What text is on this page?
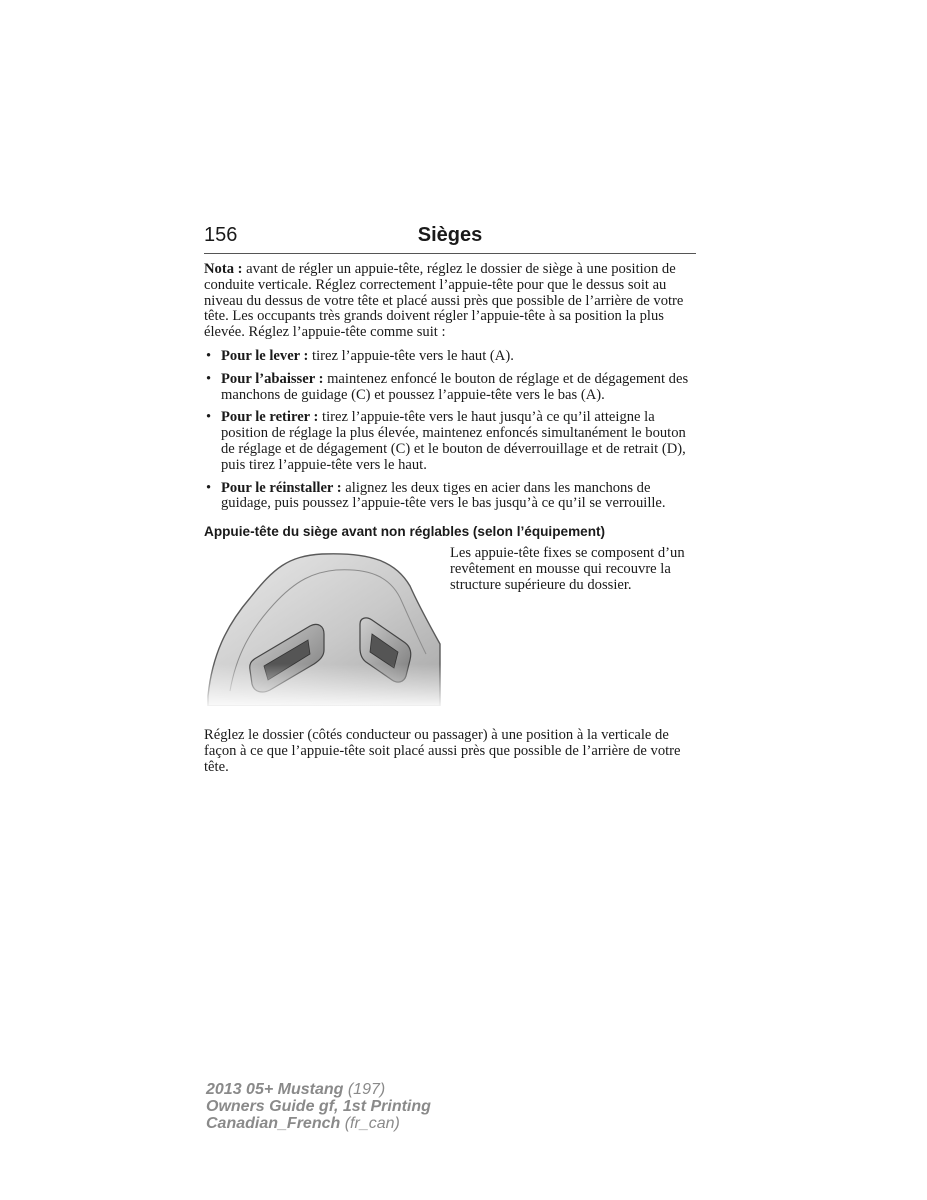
Sièges
156

Nota : avant de régler un appuie-tête, réglez le dossier de siège à une position de conduite verticale. Réglez correctement l’appuie-tête pour que le dessus soit au niveau du dessus de votre tête et placé aussi près que possible de l’arrière de votre tête. Les occupants très grands doivent régler l’appuie-tête à sa position la plus élevée. Réglez l’appuie-tête comme suit :

• Pour le lever : tirez l’appuie-tête vers le haut (A).
• Pour l’abaisser : maintenez enfoncé le bouton de réglage et de dégagement des manchons de guidage (C) et poussez l’appuie-tête vers le bas (A).
• Pour le retirer : tirez l’appuie-tête vers le haut jusqu’à ce qu’il atteigne la position de réglage la plus élevée, maintenez enfoncés simultanément le bouton de réglage et de dégagement (C) et le bouton de déverrouillage et de retrait (D), puis tirez l’appuie-tête vers le haut.
• Pour le réinstaller : alignez les deux tiges en acier dans les manchons de guidage, puis poussez l’appuie-tête vers le bas jusqu’à ce qu’il se verrouille.
Appuie-tête du siège avant non réglables (selon l’équipement)

Les appuie-tête fixes se composent d’un revêtement en mousse qui recouvre la structure supérieure du dossier.

Réglez le dossier (côtés conducteur ou passager) à une position à la verticale de façon à ce que l’appuie-tête soit placé aussi près que possible de l’arrière de votre tête.

2013 05+ Mustang (197)
Owners Guide gf, 1st Printing
Canadian_French (fr_can)
